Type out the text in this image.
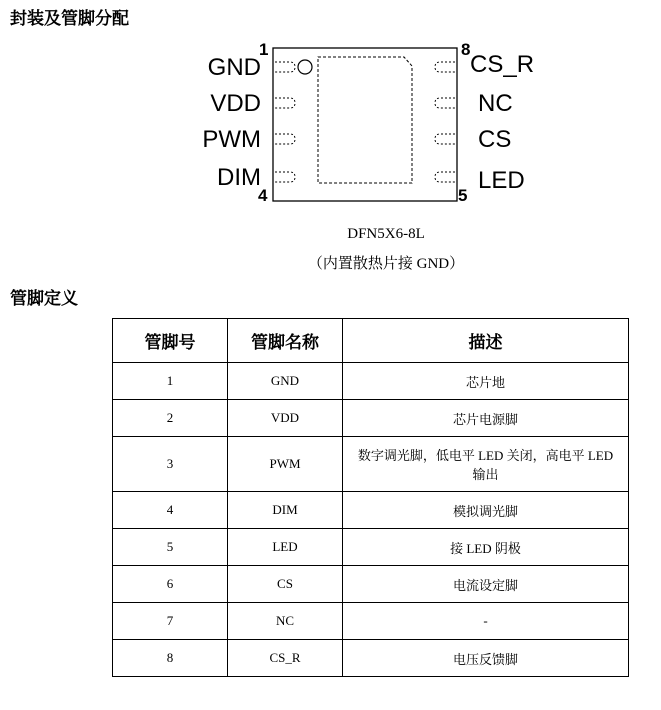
封装及管脚分配
GND
VDD
PWM
DIM
CS_R
NC
CS
LED
1
4
8
5
DFN5X6-8L
（内置散热片接 GND）
管脚定义
管脚号	管脚名称	描述
1	GND	芯片地
2	VDD	芯片电源脚
3	PWM	数字调光脚，低电平 LED 关闭，高电平 LED 输出
4	DIM	模拟调光脚
5	LED	接 LED 阴极
6	CS	电流设定脚
7	NC	-
8	CS_R	电压反馈脚
